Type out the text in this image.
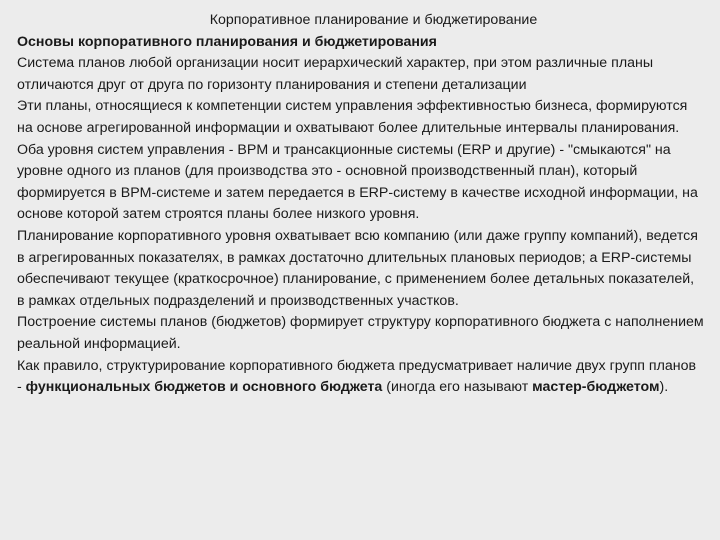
Корпоративное планирование и бюджетирование

Основы корпоративного планирования и бюджетирования

Система планов любой организации носит иерархический характер, при этом различные планы отличаются друг от друга по горизонту планирования и степени детализации

Эти планы, относящиеся к компетенции систем управления эффективностью бизнеса, формируются на основе агрегированной информации и охватывают более длительные интервалы планирования. Оба уровня систем управления - BPM и трансакционные системы (ERP и другие) - "смыкаются" на уровне одного из планов (для производства это - основной производственный план), который формируется в BPM-системе и затем передается в ERP-систему в качестве исходной информации, на основе которой затем строятся планы более низкого уровня.

Планирование корпоративного уровня охватывает всю компанию (или даже группу компаний), ведется в агрегированных показателях, в рамках достаточно длительных плановых периодов; а ERP-системы обеспечивают текущее (краткосрочное) планирование, с применением более детальных показателей, в рамках отдельных подразделений и производственных участков.

Построение системы планов (бюджетов) формирует структуру корпоративного бюджета с наполнением реальной информацией.

Как правило, структурирование корпоративного бюджета предусматривает наличие двух групп планов - функциональных бюджетов и основного бюджета (иногда его называют мастер-бюджетом).
